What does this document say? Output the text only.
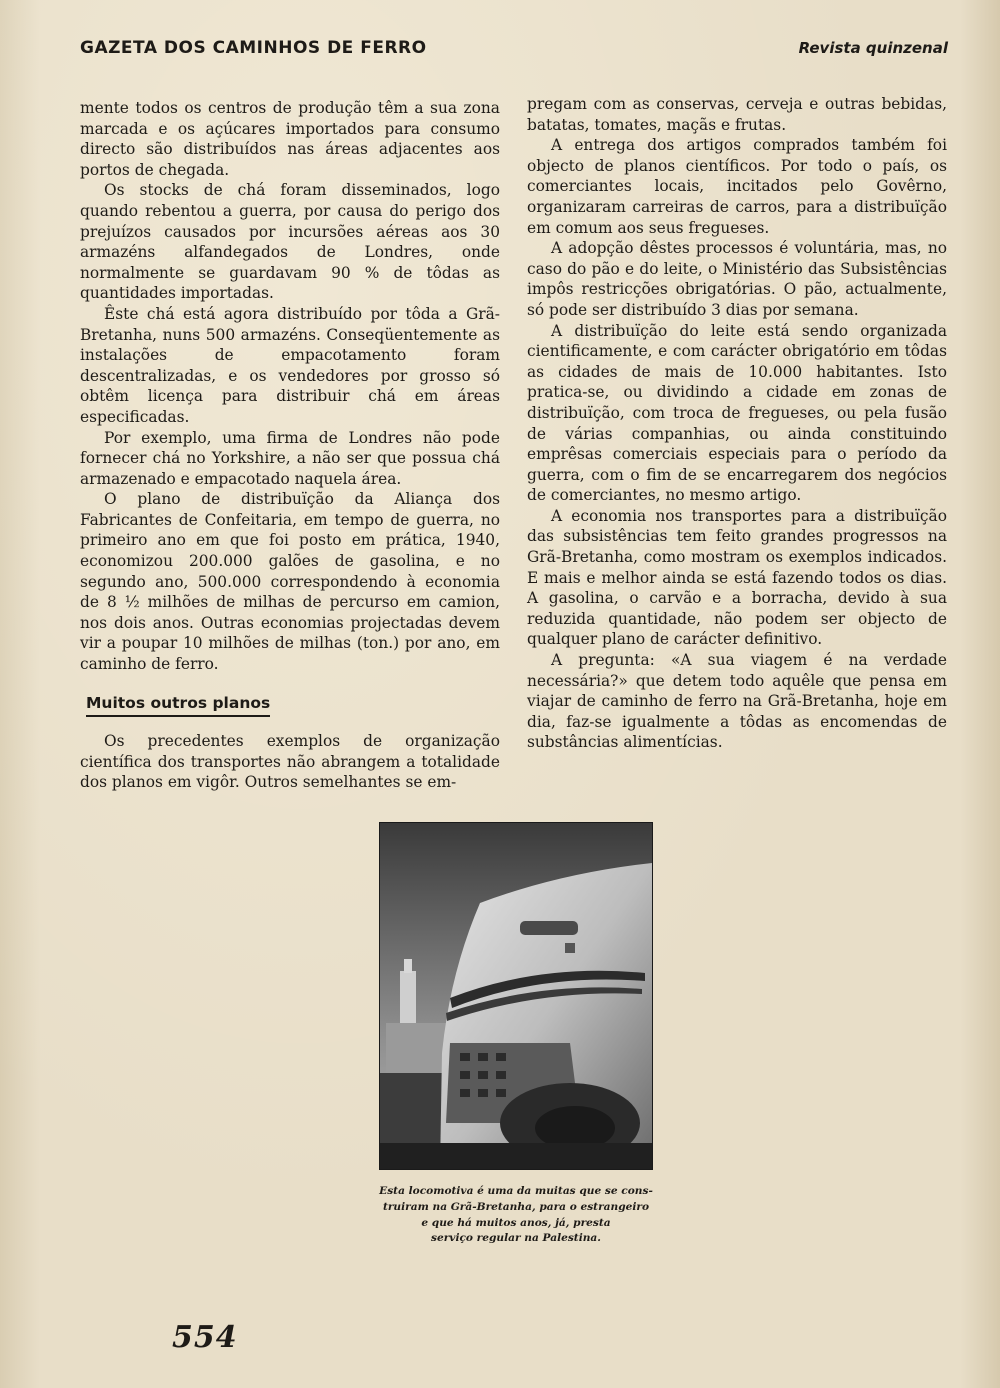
GAZETA DOS CAMINHOS DE FERRO	Revista quinzenal

mente todos os centros de produção têm a sua zona marcada e os açúcares importados para consumo directo são distribuídos nas áreas adjacentes aos portos de chegada.

Os stocks de chá foram disseminados, logo quando rebentou a guerra, por causa do perigo dos prejuízos causados por incursões aéreas aos 30 armazéns alfandegados de Londres, onde normalmente se guardavam 90 % de tôdas as quantidades importadas.

Êste chá está agora distribuído por tôda a Grã-Bretanha, nuns 500 armazéns. Conseqüentemente as instalações de empacotamento foram descentralizadas, e os vendedores por grosso só obtêm licença para distribuir chá em áreas especificadas.

Por exemplo, uma firma de Londres não pode fornecer chá no Yorkshire, a não ser que possua chá armazenado e empacotado naquela área.

O plano de distribuïção da Aliança dos Fabricantes de Confeitaria, em tempo de guerra, no primeiro ano em que foi posto em prática, 1940, economizou 200.000 galões de gasolina, e no segundo ano, 500.000 correspondendo à economia de 8 ½ milhões de milhas de percurso em camion, nos dois anos. Outras economias projectadas devem vir a poupar 10 milhões de milhas (ton.) por ano, em caminho de ferro.

Muitos outros planos

Os precedentes exemplos de organização científica dos transportes não abrangem a totalidade dos planos em vigôr. Outros semelhantes se em-

pregam com as conservas, cerveja e outras bebidas, batatas, tomates, maçãs e frutas.

A entrega dos artigos comprados também foi objecto de planos científicos. Por todo o país, os comerciantes locais, incitados pelo Govêrno, organizaram carreiras de carros, para a distribuïção em comum aos seus fregueses.

A adopção dêstes processos é voluntária, mas, no caso do pão e do leite, o Ministério das Subsistências impôs restricções obrigatórias. O pão, actualmente, só pode ser distribuído 3 dias por semana.

A distribuïção do leite está sendo organizada cientificamente, e com carácter obrigatório em tôdas as cidades de mais de 10.000 habitantes. Isto pratica-se, ou dividindo a cidade em zonas de distribuïção, com troca de fregueses, ou pela fusão de várias companhias, ou ainda constituindo emprêsas comerciais especiais para o período da guerra, com o fim de se encarregarem dos negócios de comerciantes, no mesmo artigo.

A economia nos transportes para a distribuïção das subsistências tem feito grandes progressos na Grã-Bretanha, como mostram os exemplos indicados. E mais e melhor ainda se está fazendo todos os dias. A gasolina, o carvão e a borracha, devido à sua reduzida quantidade, não podem ser objecto de qualquer plano de carácter definitivo.

A pregunta: «A sua viagem é na verdade necessária?» que detem todo aquêle que pensa em viajar de caminho de ferro na Grã-Bretanha, hoje em dia, faz-se igualmente a tôdas as encomendas de substâncias alimentícias.

Esta locomotiva é uma da muitas que se cons-
truiram na Grã-Bretanha, para o estrangeiro
e que há muitos anos, já, presta
serviço regular na Palestina.
554
